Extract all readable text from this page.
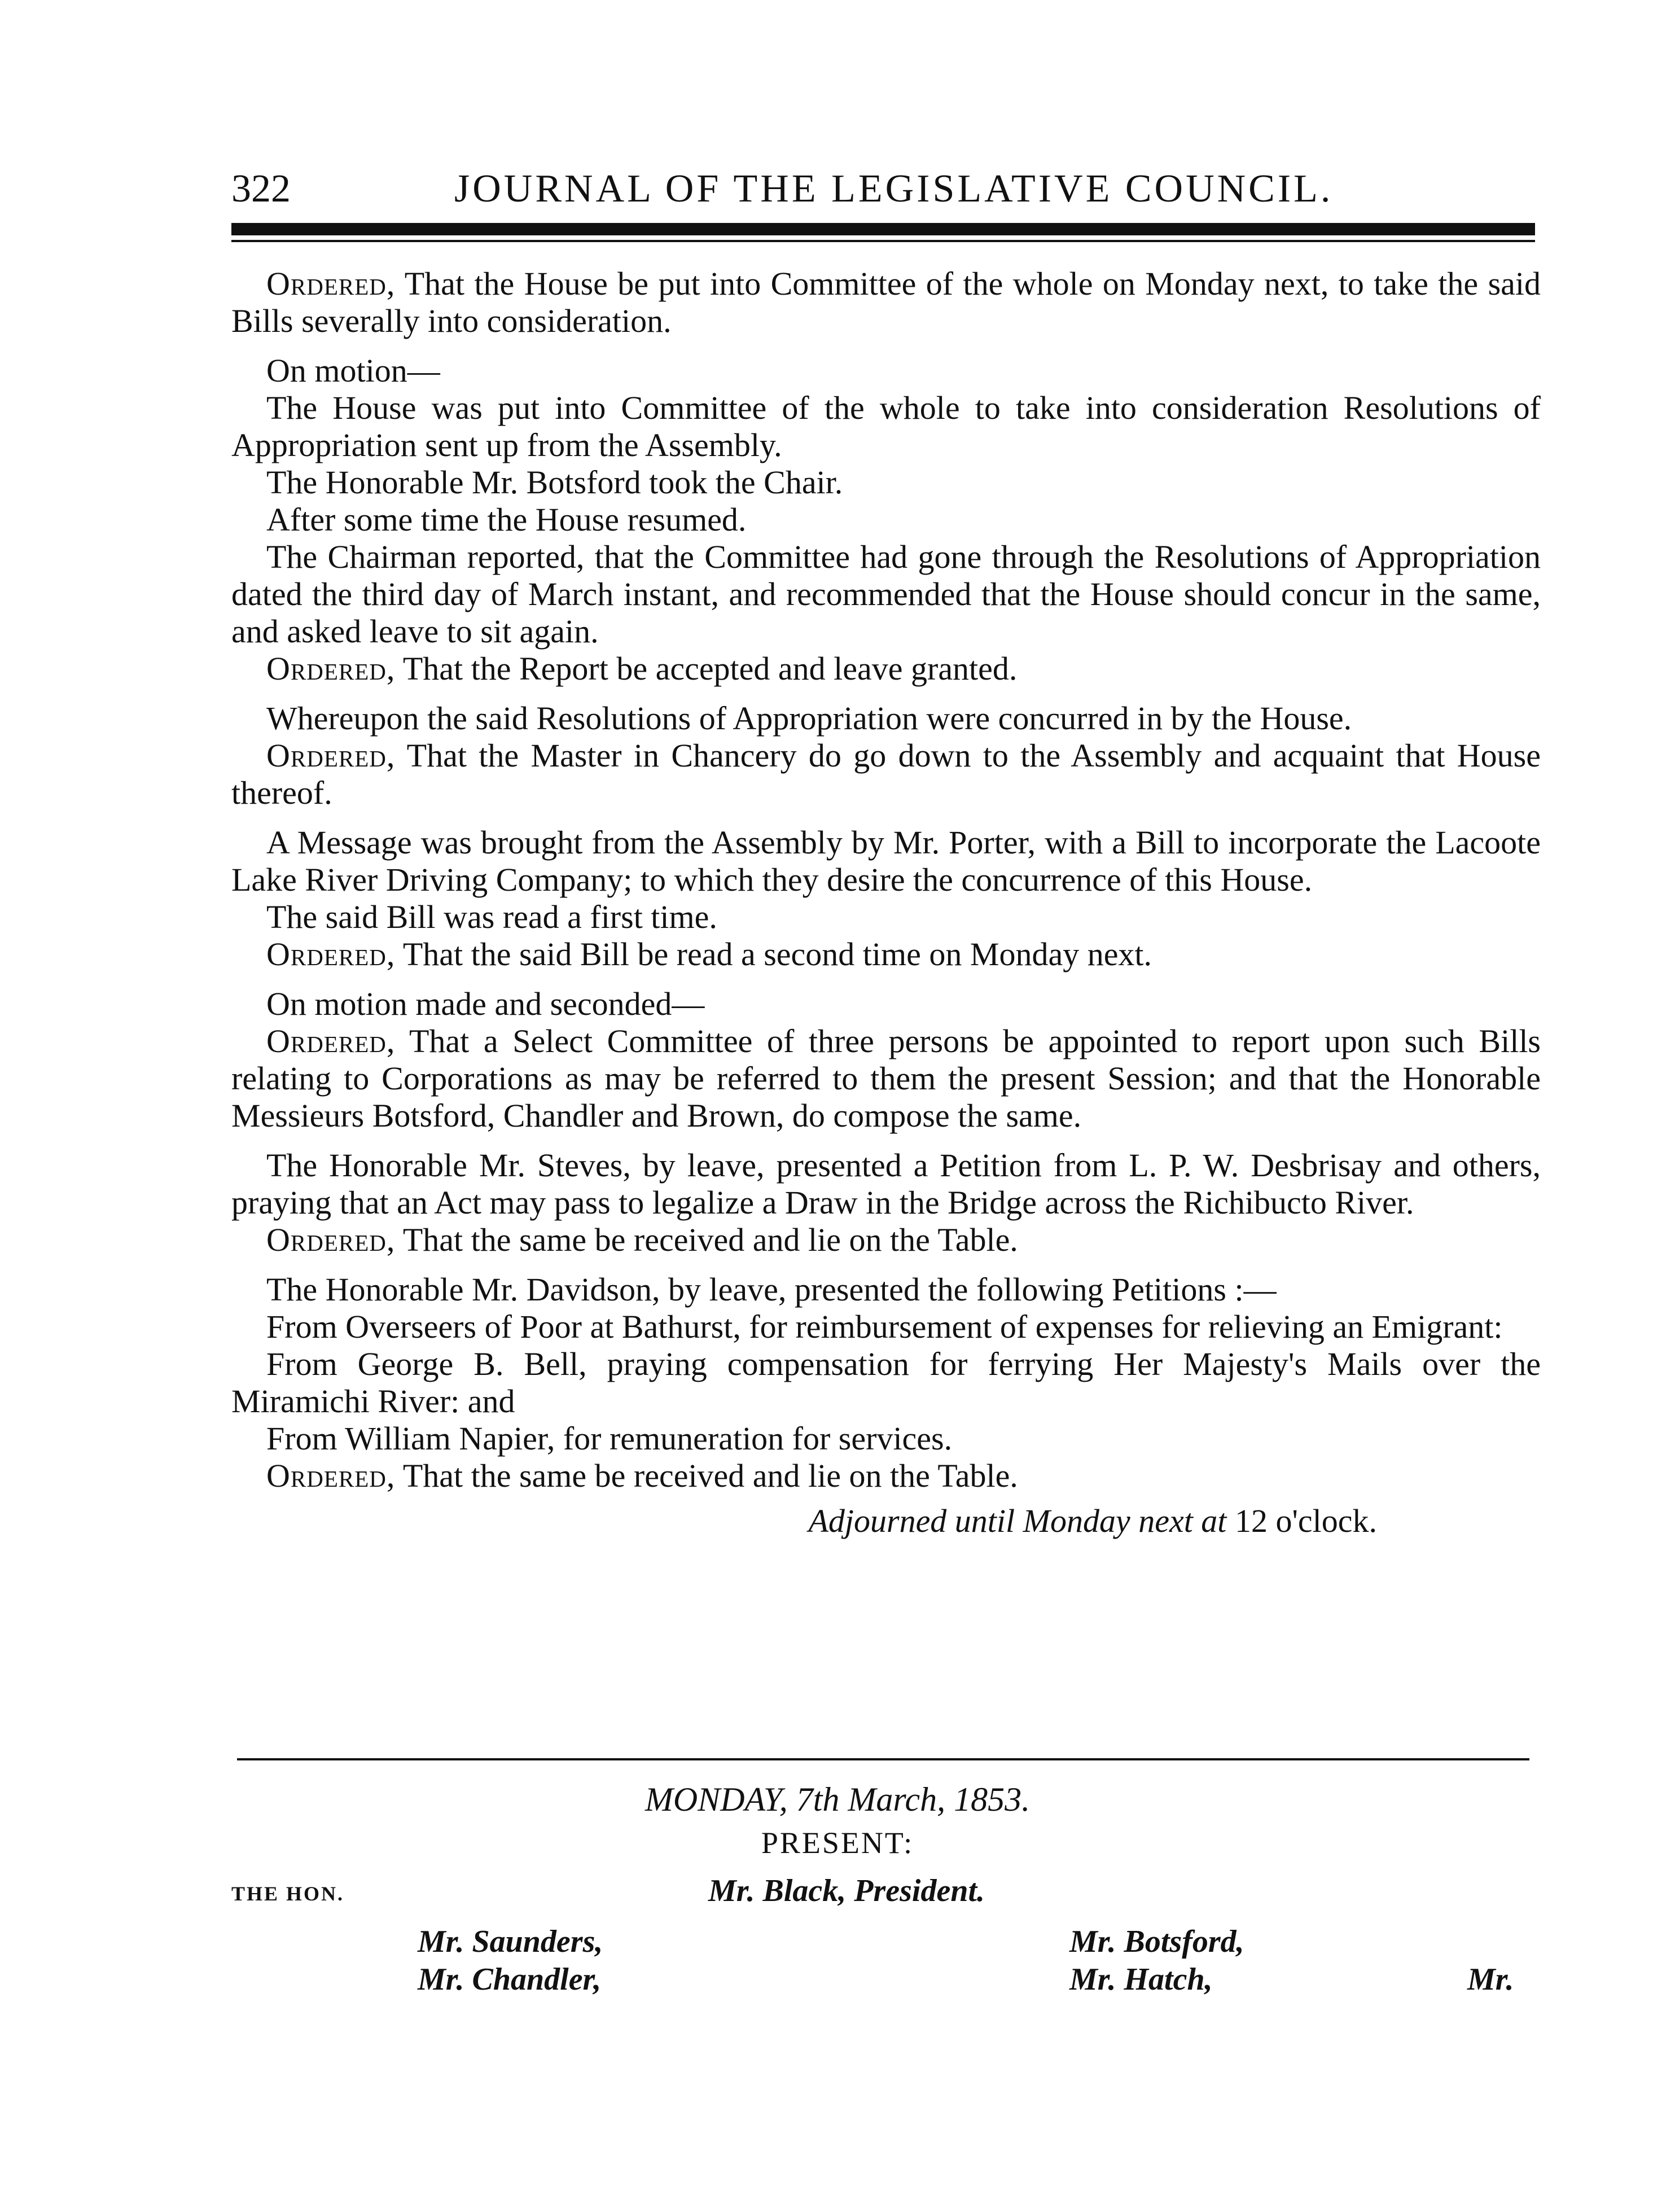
322	JOURNAL OF THE LEGISLATIVE COUNCIL.

Ordered, That the House be put into Committee of the whole on Monday next, to take the said Bills severally into consideration.

On motion—

The House was put into Committee of the whole to take into consideration Resolutions of Appropriation sent up from the Assembly.

The Honorable Mr. Botsford took the Chair.

After some time the House resumed.

The Chairman reported, that the Committee had gone through the Resolutions of Appropriation dated the third day of March instant, and recommended that the House should concur in the same, and asked leave to sit again.

Ordered, That the Report be accepted and leave granted.

Whereupon the said Resolutions of Appropriation were concurred in by the House.

Ordered, That the Master in Chancery do go down to the Assembly and acquaint that House thereof.

A Message was brought from the Assembly by Mr. Porter, with a Bill to incorporate the Lacoote Lake River Driving Company; to which they desire the concurrence of this House.

The said Bill was read a first time.

Ordered, That the said Bill be read a second time on Monday next.

On motion made and seconded—

Ordered, That a Select Committee of three persons be appointed to report upon such Bills relating to Corporations as may be referred to them the present Session; and that the Honorable Messieurs Botsford, Chandler and Brown, do compose the same.

The Honorable Mr. Steves, by leave, presented a Petition from L. P. W. Desbrisay and others, praying that an Act may pass to legalize a Draw in the Bridge across the Richibucto River.

Ordered, That the same be received and lie on the Table.

The Honorable Mr. Davidson, by leave, presented the following Petitions :—

From Overseers of Poor at Bathurst, for reimbursement of expenses for relieving an Emigrant:

From George B. Bell, praying compensation for ferrying Her Majesty's Mails over the Miramichi River: and

From William Napier, for remuneration for services.

Ordered, That the same be received and lie on the Table.

Adjourned until Monday next at 12 o'clock.

MONDAY, 7th March, 1853.
PRESENT:
THE HON.	Mr. Black, President.
Mr. Saunders,
Mr. Chandler,
Mr. Botsford,
Mr. Hatch,	Mr.
